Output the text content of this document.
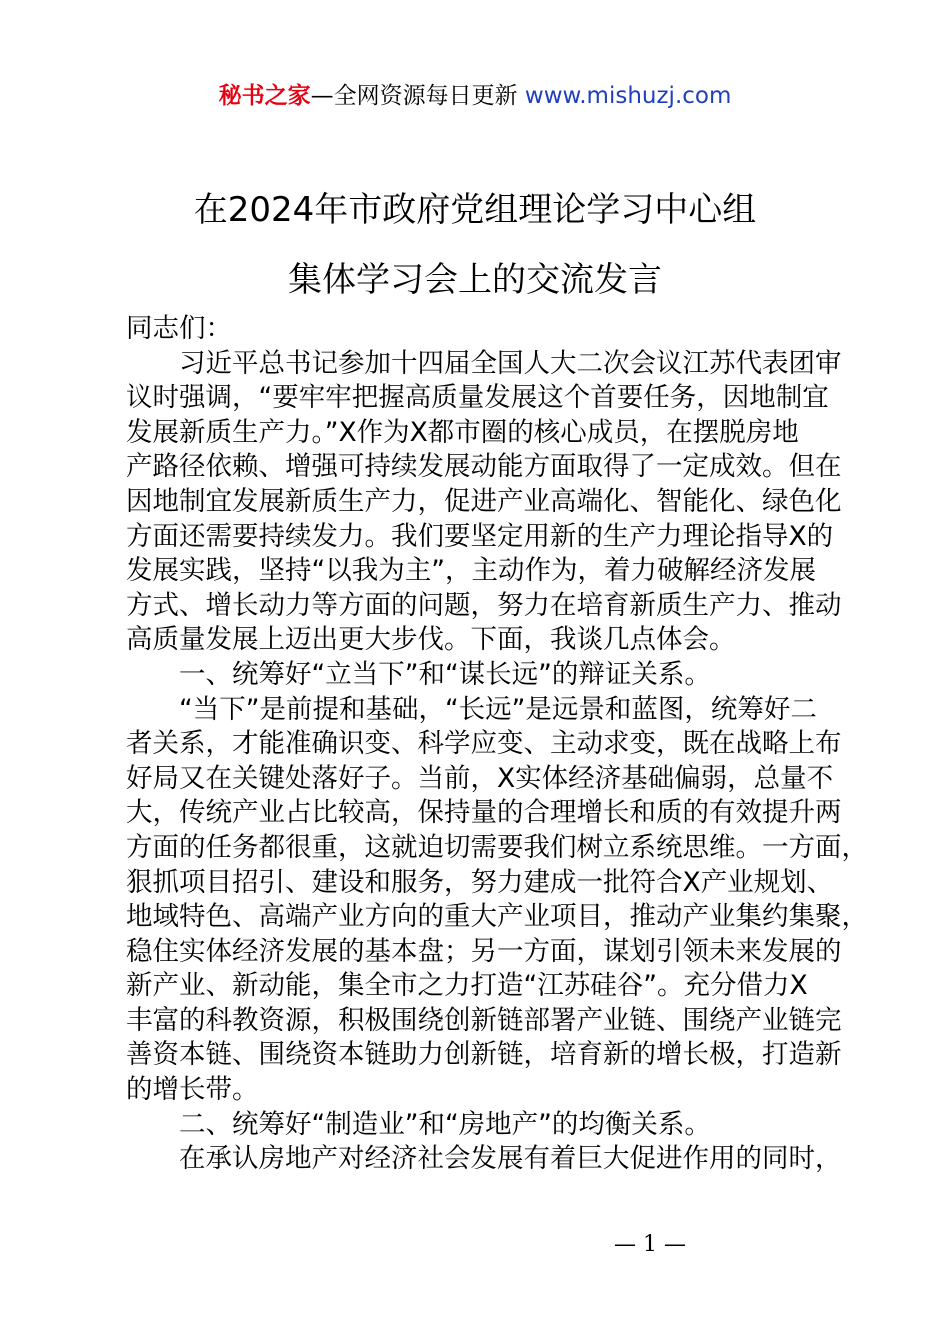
秘书之家—全网资源每日更新 www.mishuzj.com
在2024年市政府党组理论学习中心组
集体学习会上的交流发言
同志们：
　　习近平总书记参加十四届全国人大二次会议江苏代表团审
议时强调，“要牢牢把握高质量发展这个首要任务，因地制宜
发展新质生产力。”X作为X都市圈的核心成员，在摆脱房地
产路径依赖、增强可持续发展动能方面取得了一定成效。但在
因地制宜发展新质生产力，促进产业高端化、智能化、绿色化
方面还需要持续发力。我们要坚定用新的生产力理论指导X的
发展实践，坚持“以我为主”，主动作为，着力破解经济发展
方式、增长动力等方面的问题，努力在培育新质生产力、推动
高质量发展上迈出更大步伐。下面，我谈几点体会。
　　一、统筹好“立当下”和“谋长远”的辩证关系。
　　“当下”是前提和基础，“长远”是远景和蓝图，统筹好二
者关系，才能准确识变、科学应变、主动求变，既在战略上布
好局又在关键处落好子。当前，X实体经济基础偏弱，总量不
大，传统产业占比较高，保持量的合理增长和质的有效提升两
方面的任务都很重，这就迫切需要我们树立系统思维。一方面，
狠抓项目招引、建设和服务，努力建成一批符合X产业规划、
地域特色、高端产业方向的重大产业项目，推动产业集约集聚，
稳住实体经济发展的基本盘；另一方面，谋划引领未来发展的
新产业、新动能，集全市之力打造“江苏硅谷”。充分借力X
丰富的科教资源，积极围绕创新链部署产业链、围绕产业链完
善资本链、围绕资本链助力创新链，培育新的增长极，打造新
的增长带。
　　二、统筹好“制造业”和“房地产”的均衡关系。
　　在承认房地产对经济社会发展有着巨大促进作用的同时，
— 1 —
